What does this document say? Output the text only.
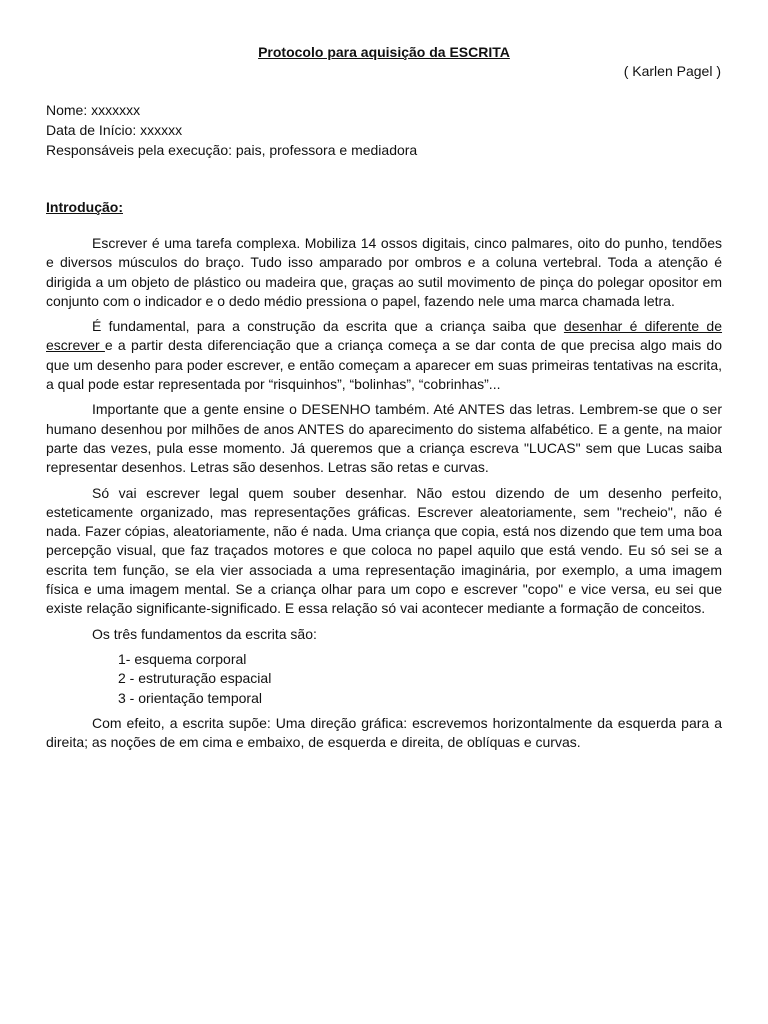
Protocolo para aquisição da ESCRITA
( Karlen Pagel )
Nome: xxxxxxx
Data de Início: xxxxxx
Responsáveis pela execução: pais, professora e mediadora
Introdução:

Escrever é uma tarefa complexa. Mobiliza 14 ossos digitais, cinco palmares, oito do punho, tendões e diversos músculos do braço. Tudo isso amparado por ombros e a coluna vertebral. Toda a atenção é dirigida a um objeto de plástico ou madeira que, graças ao sutil movimento de pinça do polegar opositor em conjunto com o indicador e o dedo médio pressiona o papel, fazendo nele uma marca chamada letra.

É fundamental, para a construção da escrita que a criança saiba que desenhar é diferente de escrever e a partir desta diferenciação que a criança começa a se dar conta de que precisa algo mais do que um desenho para poder escrever, e então começam a aparecer em suas primeiras tentativas na escrita, a qual pode estar representada por “risquinhos”, “bolinhas”, “cobrinhas”...

Importante que a gente ensine o DESENHO também. Até ANTES das letras. Lembrem-se que o ser humano desenhou por milhões de anos ANTES do aparecimento do sistema alfabético. E a gente, na maior parte das vezes, pula esse momento. Já queremos que a criança escreva "LUCAS" sem que Lucas saiba representar desenhos. Letras são desenhos. Letras são retas e curvas.

Só vai escrever legal quem souber desenhar. Não estou dizendo de um desenho perfeito, esteticamente organizado, mas representações gráficas. Escrever aleatoriamente, sem "recheio", não é nada. Fazer cópias, aleatoriamente, não é nada. Uma criança que copia, está nos dizendo que tem uma boa percepção visual, que faz traçados motores e que coloca no papel aquilo que está vendo. Eu só sei se a escrita tem função, se ela vier associada a uma representação imaginária, por exemplo, a uma imagem física e uma imagem mental. Se a criança olhar para um copo e escrever "copo" e vice versa, eu sei que existe relação significante-significado. E essa relação só vai acontecer mediante a formação de conceitos.

Os três fundamentos da escrita são:

1- esquema corporal
2 - estruturação espacial
3 - orientação temporal

Com efeito, a escrita supõe: Uma direção gráfica: escrevemos horizontalmente da esquerda para a direita; as noções de em cima e embaixo, de esquerda e direita, de oblíquas e curvas.
